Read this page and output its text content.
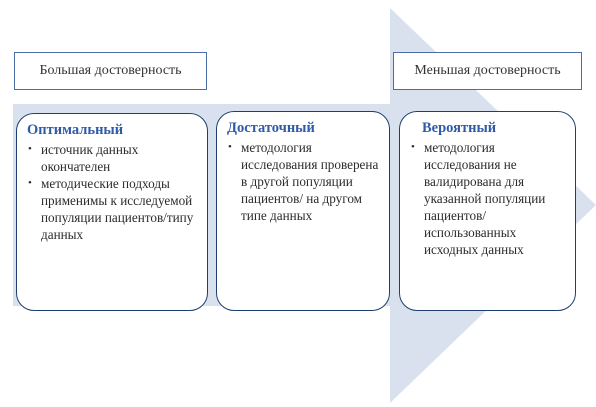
Большая достоверность	Меньшая достоверность
Оптимальный
• источник данных окончателен
• методические подходы применимы к исследуемой популяции пациентов/типу данных
Достаточный
• методология исследования проверена в другой популяции пациентов/ на другом типе данных
Вероятный
• методология исследования не валидирована для указанной популяции пациентов/ использованных исходных данных
